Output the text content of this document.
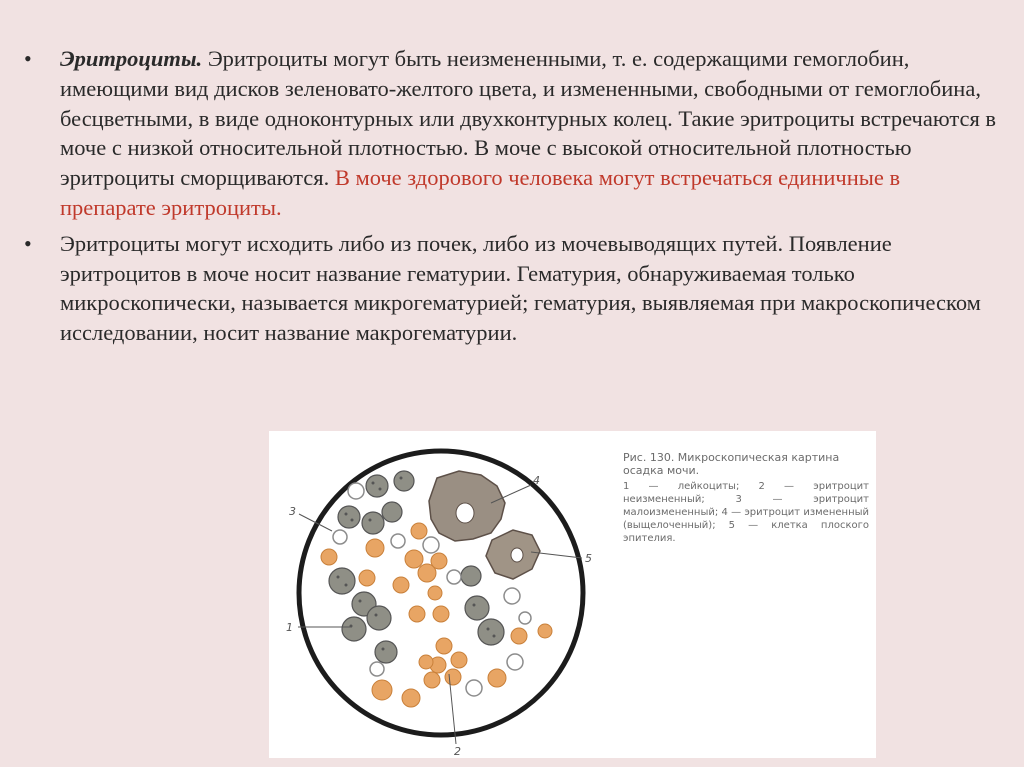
• Эритроциты. Эритроциты могут быть неизмененными, т. е. содержащими гемоглобин, имеющими вид дисков зеленовато-желтого цвета, и измененными, свободными от гемоглобина, бесцветными, в виде одноконтурных или двухконтурных колец. Такие эритроциты встречаются в моче с низкой относительной плотностью. В моче с высокой относительной плотностью эритроциты сморщиваются. В моче здорового человека могут встречаться единичные в препарате эритроциты.
• Эритроциты могут исходить либо из почек, либо из мочевыводящих путей. Появление эритроцитов в моче носит название гематурии. Гематурия, обнаруживаемая только микроскопически, называется микрогематурией; гематурия, выявляемая при макроскопическом исследовании, носит название макрогематурии.
1
2
3
4
5
Рис. 130. Микроскопическая картина осадка мочи.
1 — лейкоциты; 2 — эритроцит неизмененный; 3 — эритроцит малоизмененный; 4 — эритроцит измененный (выщелоченный); 5 — клетка плоского эпителия.
